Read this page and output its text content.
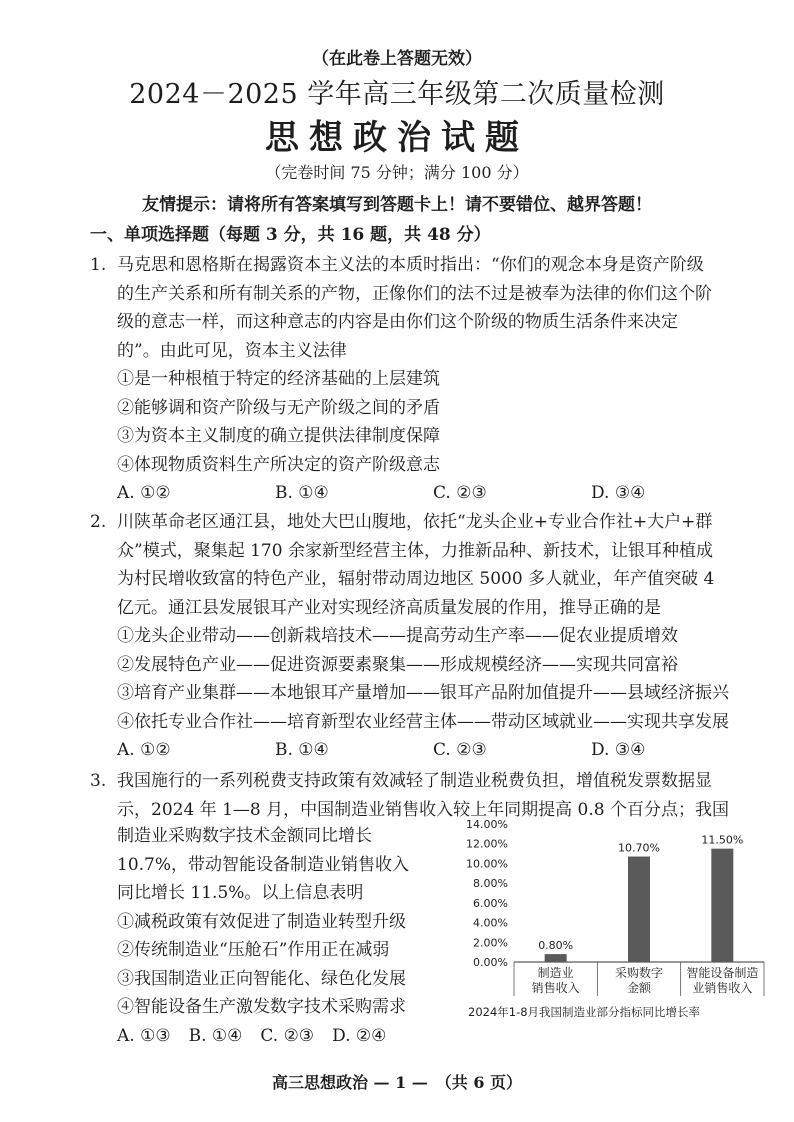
（在此卷上答题无效）
2024－2025 学年高三年级第二次质量检测
思想政治试题
（完卷时间 75 分钟；满分 100 分）
友情提示：请将所有答案填写到答题卡上！请不要错位、越界答题！
一、单项选择题（每题 3 分，共 16 题，共 48 分）
1. 马克思和恩格斯在揭露资本主义法的本质时指出：“你们的观念本身是资产阶级
的生产关系和所有制关系的产物，正像你们的法不过是被奉为法律的你们这个阶
级的意志一样，而这种意志的内容是由你们这个阶级的物质生活条件来决定
的”。由此可见，资本主义法律
①是一种根植于特定的经济基础的上层建筑
②能够调和资产阶级与无产阶级之间的矛盾
③为资本主义制度的确立提供法律制度保障
④体现物质资料生产所决定的资产阶级意志
A. ①②	B. ①④	C. ②③	D. ③④
2. 川陕革命老区通江县，地处大巴山腹地，依托“龙头企业+专业合作社+大户+群
众”模式，聚集起 170 余家新型经营主体，力推新品种、新技术，让银耳种植成
为村民增收致富的特色产业，辐射带动周边地区 5000 多人就业，年产值突破 4
亿元。通江县发展银耳产业对实现经济高质量发展的作用，推导正确的是
①龙头企业带动——创新栽培技术——提高劳动生产率——促农业提质增效
②发展特色产业——促进资源要素聚集——形成规模经济——实现共同富裕
③培育产业集群——本地银耳产量增加——银耳产品附加值提升——县域经济振兴
④依托专业合作社——培育新型农业经营主体——带动区域就业——实现共享发展
A. ①②	B. ①④	C. ②③	D. ③④
3. 我国施行的一系列税费支持政策有效减轻了制造业税费负担，增值税发票数据显
示，2024 年 1—8 月，中国制造业销售收入较上年同期提高 0.8 个百分点；我国
制造业采购数字技术金额同比增长
10.7%，带动智能设备制造业销售收入
同比增长 11.5%。以上信息表明
①减税政策有效促进了制造业转型升级
②传统制造业“压舱石”作用正在减弱
③我国制造业正向智能化、绿色化发展
④智能设备生产激发数字技术采购需求
A. ①③ B. ①④ C. ②③ D. ②④
0.00%
2.00%
4.00%
6.00%
8.00%
10.00%
12.00%
14.00%
0.80%
制造业
销售收入
10.70%
采购数字
金额
11.50%
智能设备制造
业销售收入
2024年1-8月我国制造业部分指标同比增长率
高三思想政治 — 1 —　（共 6 页）
